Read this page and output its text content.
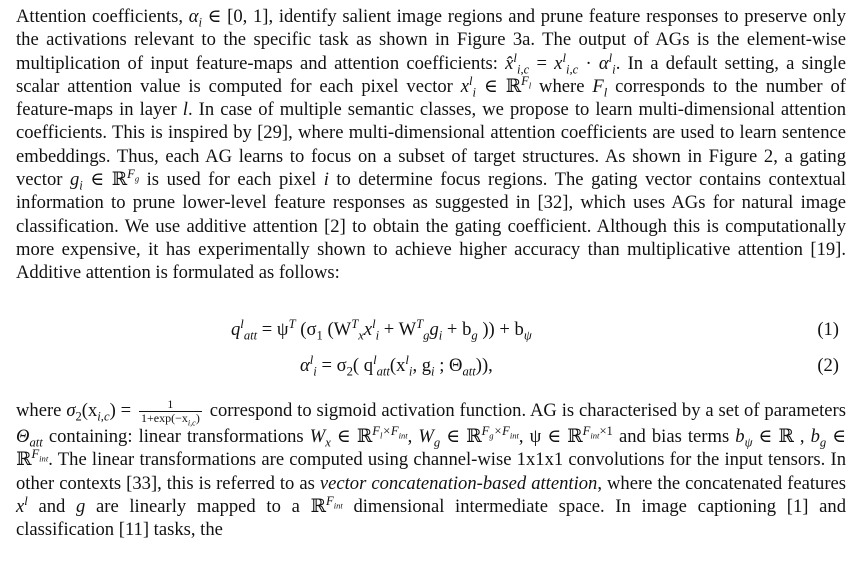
Attention coefficients, $\alpha_i$ ∈ [0, 1], identify salient image regions and prune feature responses to preserve only the activations relevant to the specific task as shown in Figure 3a. The output of AGs is the element-wise multiplication of input feature-maps and attention coefficients: x̂$^l_{i,c}$ = $x^l_{i,c} \cdot \alpha^l_i$. In a default setting, a single scalar attention value is computed for each pixel vector $x^l_i$ ∈ ℝ$^{F_l}$ where $F_l$ corresponds to the number of feature-maps in layer l. In case of multiple semantic classes, we propose to learn multi-dimensional attention coefficients. This is inspired by [29], where multi-dimensional attention coefficients are used to learn sentence embeddings. Thus, each AG learns to focus on a subset of target structures. As shown in Figure 2, a gating vector $g_i$ ∈ ℝ$^{F_g}$ is used for each pixel i to determine focus regions. The gating vector contains contextual information to prune lower-level feature responses as suggested in [32], which uses AGs for natural image classification. We use additive attention [2] to obtain the gating coefficient. Although this is computationally more expensive, it has experimentally shown to achieve higher accuracy than multiplicative attention [19]. Additive attention is formulated as follows:

$q^l_{att} = \psi^T$ ($\sigma_1$ ($W^T_xx^l_i + W^T_gg_i + b_g$ )) + $b_\psi$	(1)
$\alpha^l_i = \sigma_2$( $q^l_{att}(x^l_i$, $g_i$ ; $\Theta_{att}$)),	(2)

where $\sigma_2(x_{i,c}) = \frac{1}{1+\exp(-x_{i,c})}$ correspond to sigmoid activation function. AG is characterised by a set of parameters $\Theta_{att}$ containing: linear transformations $W_x$ ∈ ℝ$^{F_l\times F_{int}}$, $W_g$ ∈ ℝ$^{F_g\times F_{int}}$, ψ ∈ ℝ$^{F_{int}\times 1}$ and bias terms $b_\psi$ ∈ ℝ , $b_g$ ∈ ℝ$^{F_{int}}$. The linear transformations are computed using channel-wise 1x1x1 convolutions for the input tensors. In other contexts [33], this is referred to as vector concatenation-based attention, where the concatenated features $x^l$ and g are linearly mapped to a ℝ$^{F_{int}}$ dimensional intermediate space. In image captioning [1] and classification [11] tasks, the
